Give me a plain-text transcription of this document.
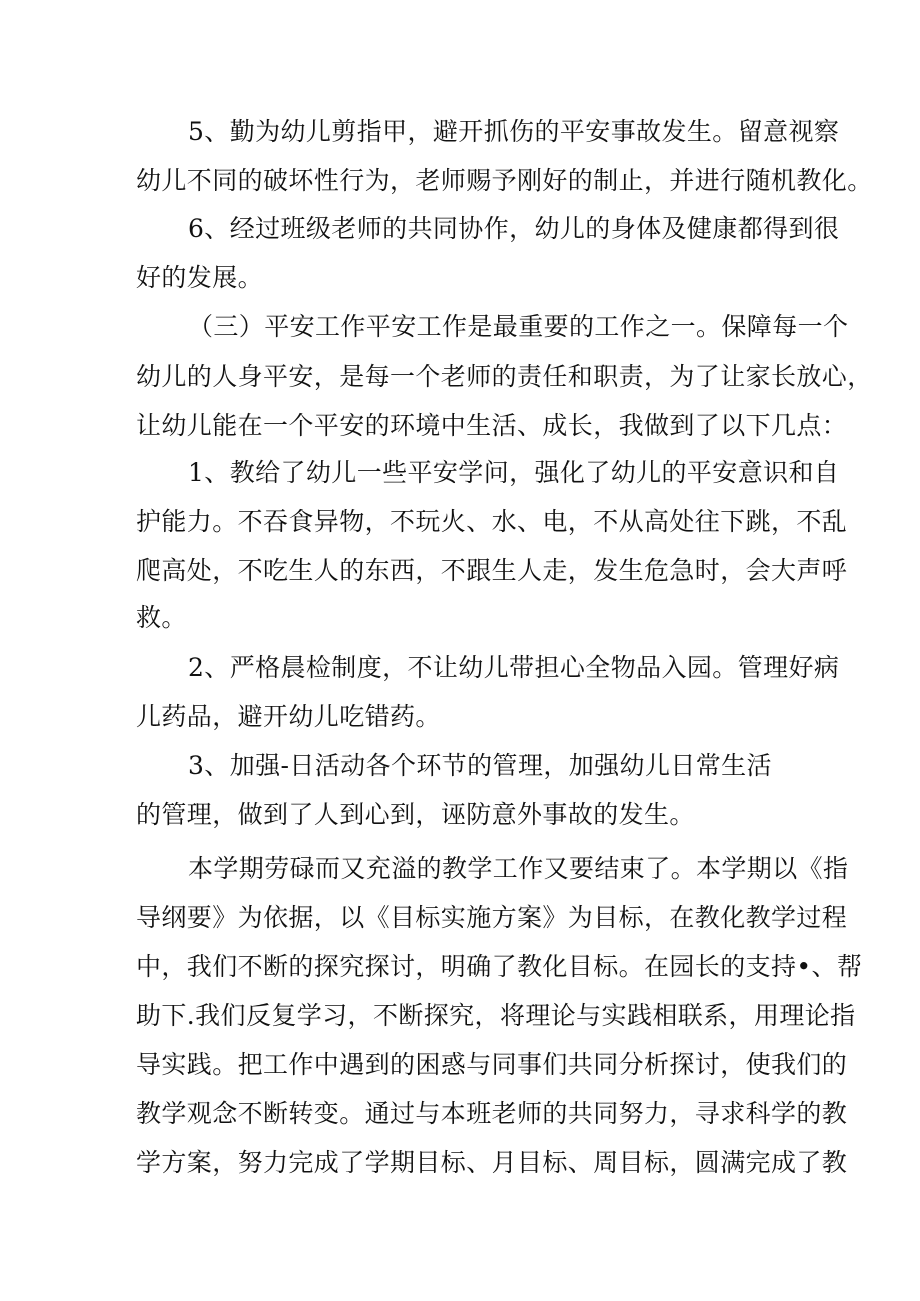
5、勤为幼儿剪指甲，避开抓伤的平安事故发生。留意视察
幼儿不同的破坏性行为，老师赐予刚好的制止，并进行随机教化。
6、经过班级老师的共同协作，幼儿的身体及健康都得到很
好的发展。
（三）平安工作平安工作是最重要的工作之一。保障每一个
幼儿的人身平安，是每一个老师的责任和职责，为了让家长放心，
让幼儿能在一个平安的环境中生活、成长，我做到了以下几点：
1、教给了幼儿一些平安学问，强化了幼儿的平安意识和自
护能力。不吞食异物，不玩火、水、电，不从高处往下跳，不乱
爬高处，不吃生人的东西，不跟生人走，发生危急时，会大声呼
救。
2、严格晨检制度，不让幼儿带担心全物品入园。管理好病
儿药品，避开幼儿吃错药。
3、加强-日活动各个环节的管理，加强幼儿日常生活
的管理，做到了人到心到，诬防意外事故的发生。
本学期劳碌而又充溢的教学工作又要结束了。本学期以《指
导纲要》为依据，以《目标实施方案》为目标，在教化教学过程
中，我们不断的探究探讨，明确了教化目标。在园长的支持•、帮
助下.我们反复学习，不断探究，将理论与实践相联系，用理论指
导实践。把工作中遇到的困惑与同事们共同分析探讨，使我们的
教学观念不断转变。通过与本班老师的共同努力，寻求科学的教
学方案，努力完成了学期目标、月目标、周目标，圆满完成了教
